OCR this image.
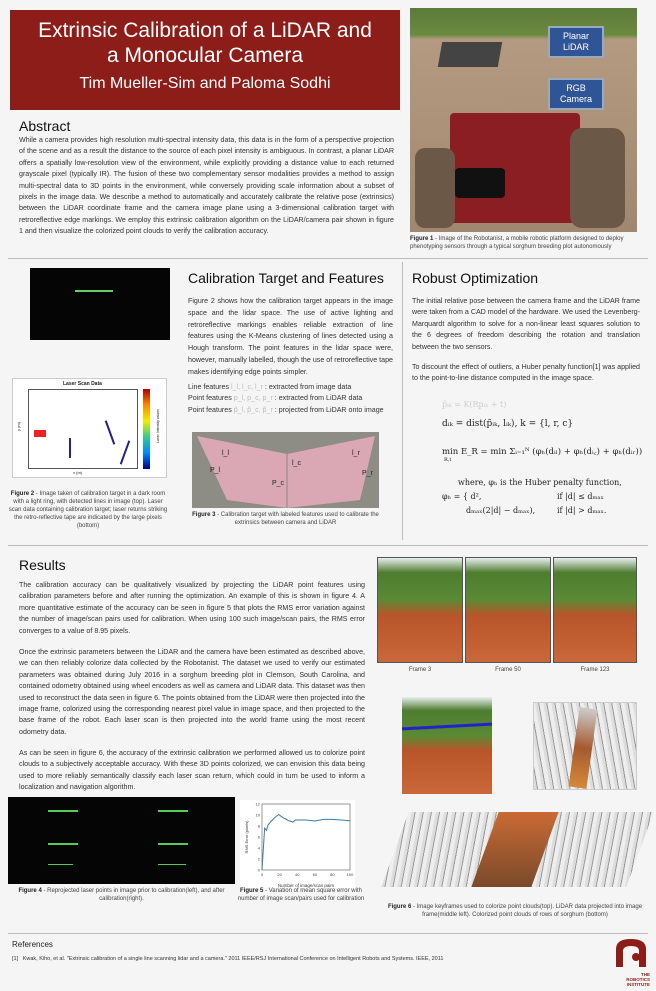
Extrinsic Calibration of a LiDAR and
a Monocular Camera
Tim Mueller-Sim and Paloma Sodhi
Abstract
While a camera provides high resolution multi-spectral intensity data, this data is in the form of a perspective projection of the scene and as a result the distance to the source of each pixel intensity is ambiguous. In contrast, a planar LiDAR offers a spatially low-resolution view of the environment, while explicitly providing a distance value to each returned grayscale pixel (typically IR). The fusion of these two complementary sensor modalities provides a method to assign multi-spectral data to 3D points in the environment, while conversely providing scale information about a subset of pixels in the image data. We describe a method to automatically and accurately calibrate the relative pose (extrinsics) between the LiDAR coordinate frame and the camera image plane using a 3-dimensional calibration target with retroreflective edge markings. We employ this extrinsic calibration algorithm on the LiDAR/camera pair shown in figure 1 and then visualize the colorized point clouds to verify the calibration accuracy.
Planar
LiDAR
RGB
Camera
Figure 1 - Image of the Robotanist, a mobile robotic platform designed to deploy phenotyping sensors through a typical sorghum breeding plot autonomously
Laser Scan Data
x (m)
y (m)	Laser Intensity values
Figure 2 - Image taken of calibration target in a dark room with a light ring, with detected lines in image (top). Laser scan data containing calibration target; laser returns striking the retro-reflective tape are indicated by the large pixels (bottom)
Calibration Target and Features
Figure 2 shows how the calibration target appears in the image space and the lidar space. The use of active lighting and retroreflective markings enables reliable extraction of line features using the K-Means clustering of lines detected using a Hough transform. The point features in the lidar space were, however, manually labelled, though the use of retroreflective tape makes identifying edge points simpler.
Line features l_l, l_c, l_r : extracted from image data
Point features p_l, p_c, p_r : extracted from LiDAR data
Point features p̃_l, p̃_c, p̃_r : projected from LiDAR onto image
l_l
l_c
l_r
P_l
P_c
P_r
Figure 3 - Calibration target with labeled features used to calibrate the extrinsics between camera and LiDAR
Robust Optimization
The initial relative pose between the camera frame and the LiDAR frame were taken from a CAD model of the hardware. We used the Levenberg-Marquardt algorithm to solve for a non-linear least squares solution to the 6 degrees of freedom describing the rotation and translation between the two sensors.
To discount the effect of outliers, a Huber penalty function[1] was applied to the point-to-line distance computed in the image space.
p̃ᵢₖ = K(Rpᵢₖ + t)
dᵢₖ = dist(p̃ᵢₖ, lᵢₖ), k = {l, r, c}
min E_R = min Σᵢ₌₁ᴺ (φₕ(dᵢₗ) + φₕ(dᵢ꜀) + φₕ(dᵢᵣ))
R,t
where, φₕ is the Huber penalty function,
φₕ = { d²,	if |d| ≤ dₘₐₓ
dₘₐₓ(2|d| − dₘₐₓ),	if |d| > dₘₐₓ.
Results
The calibration accuracy can be qualitatively visualized by projecting the LiDAR point features using calibration parameters before and after running the optimization. An example of this is shown in figure 4. A more quantitative estimate of the accuracy can be seen in figure 5 that plots the RMS error variation against the number of image/scan pairs used for calibration. When using 100 such image/scan pairs, the RMS error converges to a value of 8.95 pixels.
Once the extrinsic parameters between the LiDAR and the camera have been estimated as described above, we can then reliably colorize data collected by the Robotanist. The dataset we used to verify our estimated parameters was obtained during July 2016 in a sorghum breeding plot in Clemson, South Carolina, and contained odometry obtained using wheel encoders as well as camera and LiDAR data. This dataset was then used to reconstruct the data seen in figure 6. The points obtained from the LiDAR were then projected into the image frame, colorized using the corresponding nearest pixel value in image space, and then projected to the base frame of the robot. Each laser scan is then projected into the world frame using the most recent odometry data.
As can be seen in figure 6, the accuracy of the extrinsic calibration we performed allowed us to colorize point clouds to a subjectively acceptable accuracy. With these 3D points colorized, we can envision this data being used to more reliably semantically classify each laser scan return, which could in turn be used to inform a localization and navigation algorithm.
Frame 3	Frame 50	Frame 123
Figure 6 - Image keyframes used to colorize point clouds(top). LiDAR data projected into image frame(middle left). Colorized point clouds of rows of sorghum (bottom)
Figure 4 - Reprojected laser points in image prior to calibration(left), and after calibration(right).
0	20	40	60	80	100
0
2
4
6
8
10
12
Number of image/scan pairs
RMS Error (pixels)
Figure 5 - Variation of mean square error with number of image scan/pairs used for calibration
References
[1] Kwak, Kiho, et al. "Extrinsic calibration of a single line scanning lidar and a camera." 2011 IEEE/RSJ International Conference on Intelligent Robots and Systems. IEEE, 2011
THE
ROBOTICS
INSTITUTE
